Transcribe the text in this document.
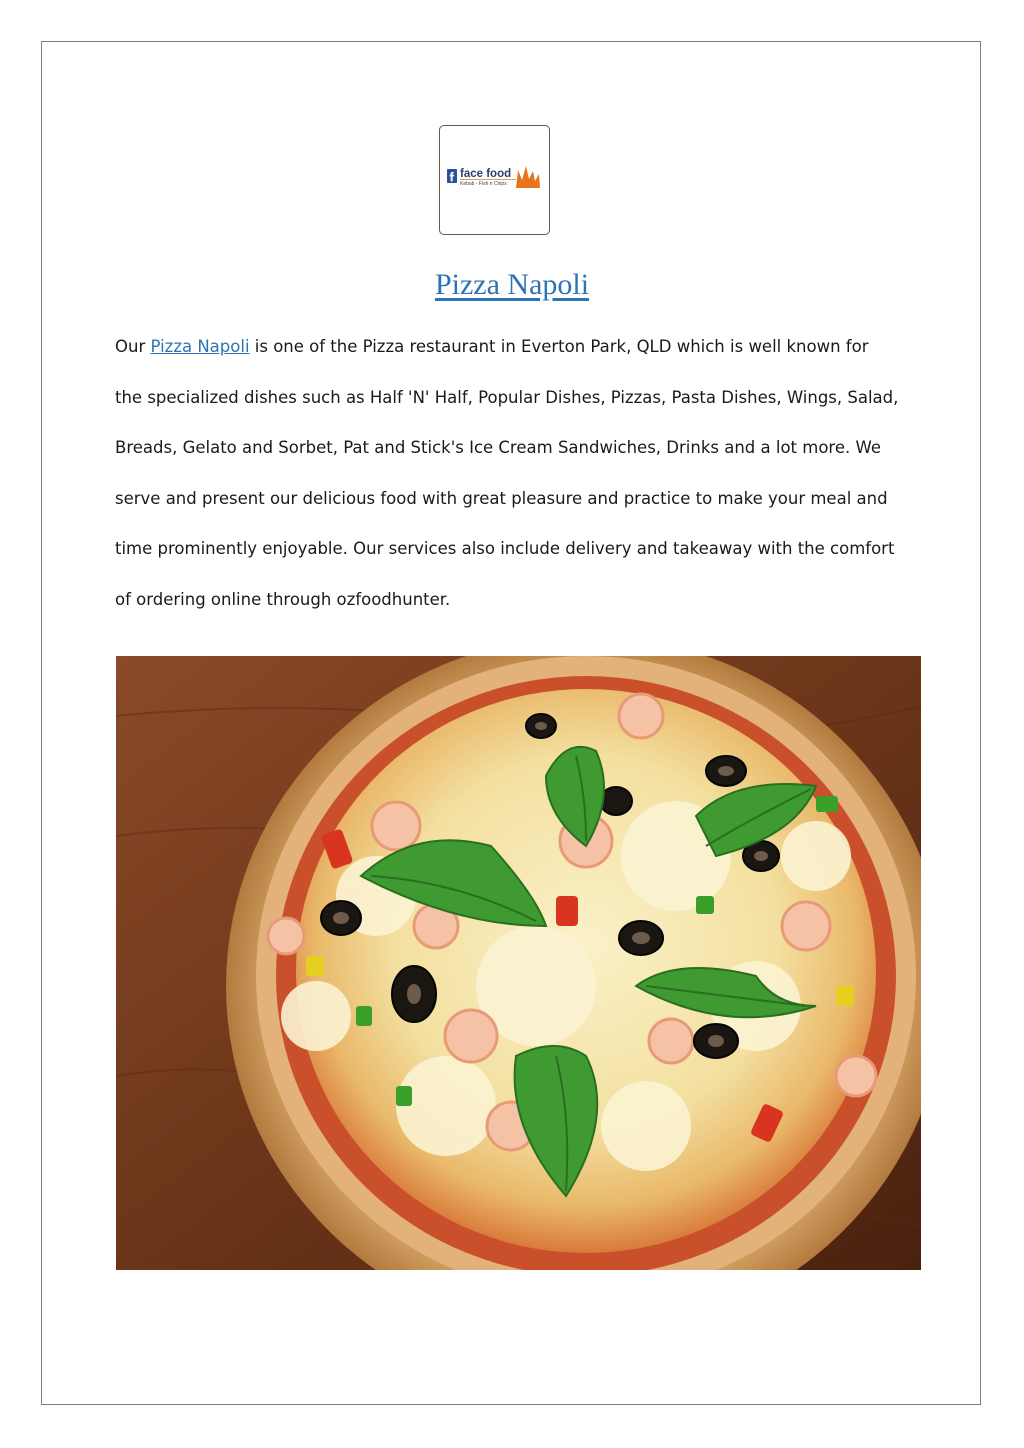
face food
Kebab - Fish n Chips
Pizza Napoli

Our Pizza Napoli is one of the Pizza restaurant in Everton Park, QLD which is well known for
the specialized dishes such as Half 'N' Half, Popular Dishes, Pizzas, Pasta Dishes, Wings, Salad,
Breads, Gelato and Sorbet, Pat and Stick's Ice Cream Sandwiches, Drinks and a lot more. We
serve and present our delicious food with great pleasure and practice to make your meal and
time prominently enjoyable. Our services also include delivery and takeaway with the comfort
of ordering online through ozfoodhunter.
